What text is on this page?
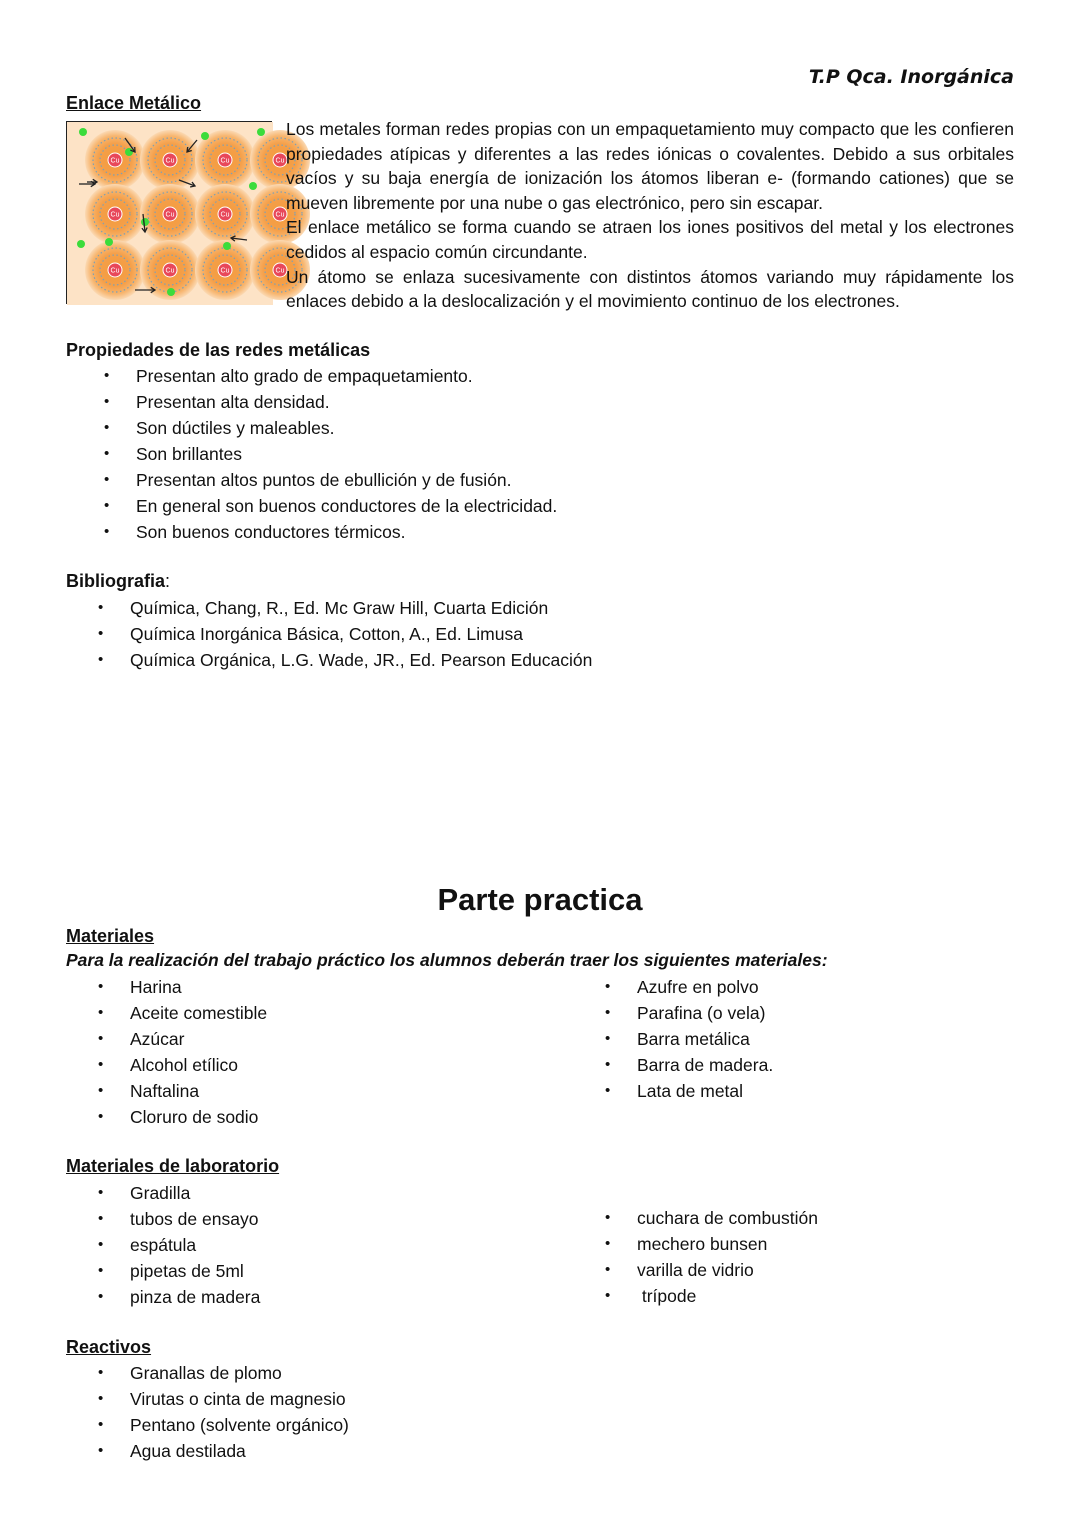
T.P Qca. Inorgánica
Enlace Metálico
Cu	Cu	Cu	Cu
Cu	Cu	Cu	Cu
Cu	Cu	Cu	Cu

Los metales forman redes propias con un empaquetamiento muy compacto que les confieren propiedades atípicas y diferentes a las redes iónicas o covalentes. Debido a sus orbitales vacíos y su baja energía de ionización los átomos liberan e- (formando cationes) que se mueven libremente por una nube o gas electrónico, pero sin escapar.

El enlace metálico se forma cuando se atraen los iones positivos del metal y los electrones cedidos al espacio común circundante.

Un átomo se enlaza sucesivamente con distintos átomos variando muy rápidamente los enlaces debido a la deslocalización y el movimiento continuo de los electrones.

Propiedades de las redes metálicas
• Presentan alto grado de empaquetamiento.
• Presentan alta densidad.
• Son dúctiles y maleables.
• Son brillantes
• Presentan altos puntos de ebullición y de fusión.
• En general son buenos conductores de la electricidad.
• Son buenos conductores térmicos.
Bibliografia:
• Química, Chang, R., Ed. Mc Graw Hill, Cuarta Edición
• Química Inorgánica Básica, Cotton, A., Ed. Limusa
• Química Orgánica, L.G. Wade, JR., Ed. Pearson Educación
Parte practica
Materiales
Para la realización del trabajo práctico los alumnos deberán traer los siguientes materiales:
• Harina
• Aceite comestible
• Azúcar
• Alcohol etílico
• Naftalina
• Cloruro de sodio
• Azufre en polvo
• Parafina (o vela)
• Barra metálica
• Barra de madera.
• Lata de metal
Materiales de laboratorio
• Gradilla
• tubos de ensayo
• espátula
• pipetas de 5ml
• pinza de madera
• cuchara de combustión
• mechero bunsen
• varilla de vidrio
• trípode
Reactivos
• Granallas de plomo
• Virutas o cinta de magnesio
• Pentano (solvente orgánico)
• Agua destilada
